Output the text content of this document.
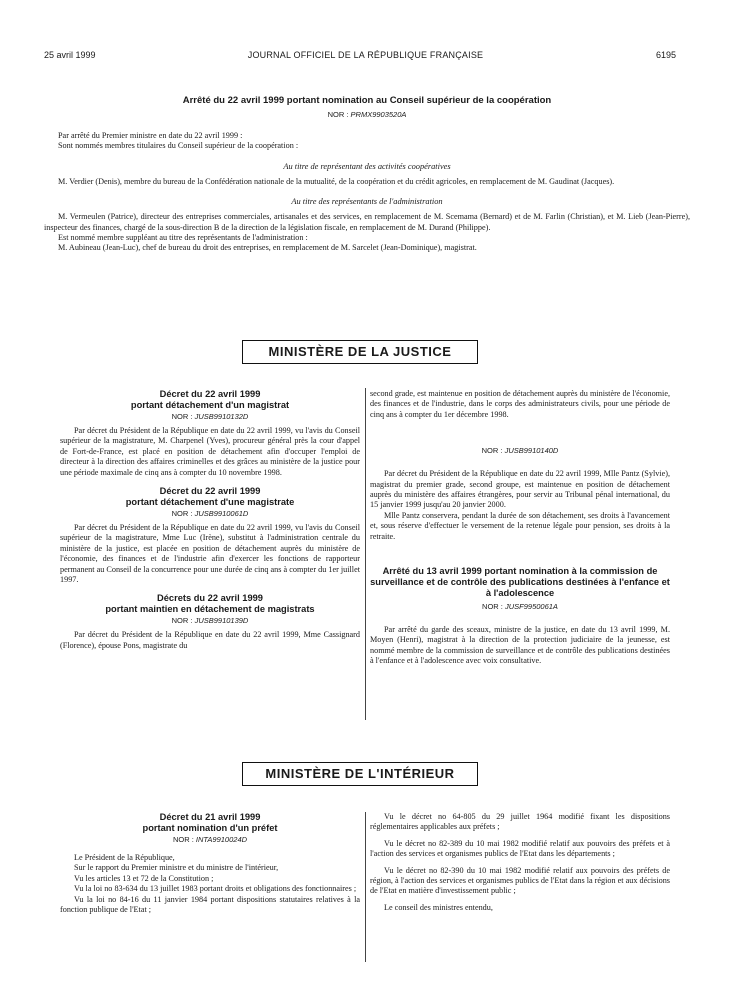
25 avril 1999	JOURNAL OFFICIEL DE LA RÉPUBLIQUE FRANÇAISE	6195
Arrêté du 22 avril 1999 portant nomination au Conseil supérieur de la coopération
NOR : PRMX9903520A

Par arrêté du Premier ministre en date du 22 avril 1999 :

Sont nommés membres titulaires du Conseil supérieur de la coopération :

Au titre de représentant des activités coopératives

M. Verdier (Denis), membre du bureau de la Confédération nationale de la mutualité, de la coopération et du crédit agricoles, en remplacement de M. Gaudinat (Jacques).

Au titre des représentants de l'administration

M. Vermeulen (Patrice), directeur des entreprises commerciales, artisanales et des services, en remplacement de M. Scemama (Bernard) et de M. Farlin (Christian), et M. Lieb (Jean-Pierre), inspecteur des finances, chargé de la sous-direction B de la direction de la législation fiscale, en remplacement de M. Durand (Philippe).

Est nommé membre suppléant au titre des représentants de l'administration :

M. Aubineau (Jean-Luc), chef de bureau du droit des entreprises, en remplacement de M. Sarcelet (Jean-Dominique), magistrat.

MINISTÈRE DE LA JUSTICE
Décret du 22 avril 1999
portant détachement d'un magistrat
NOR : JUSB9910132D

Par décret du Président de la République en date du 22 avril 1999, vu l'avis du Conseil supérieur de la magistrature, M. Charpenel (Yves), procureur général près la cour d'appel de Fort-de-France, est placé en position de détachement afin d'occuper l'emploi de directeur à la direction des affaires criminelles et des grâces au ministère de la justice pour une période maximale de cinq ans à compter du 10 novembre 1998.

Décret du 22 avril 1999
portant détachement d'une magistrate
NOR : JUSB9910061D

Par décret du Président de la République en date du 22 avril 1999, vu l'avis du Conseil supérieur de la magistrature, Mme Luc (Irène), substitut à l'administration centrale du ministère de la justice, est placée en position de détachement auprès du ministère de l'économie, des finances et de l'industrie afin d'exercer les fonctions de rapporteur permanent au Conseil de la concurrence pour une durée de cinq ans à compter du 1er juillet 1997.

Décrets du 22 avril 1999
portant maintien en détachement de magistrats
NOR : JUSB9910139D

Par décret du Président de la République en date du 22 avril 1999, Mme Cassignard (Florence), épouse Pons, magistrate du

second grade, est maintenue en position de détachement auprès du ministère de l'économie, des finances et de l'industrie, dans le corps des administrateurs civils, pour une période de cinq ans à compter du 1er décembre 1998.

NOR : JUSB9910140D

Par décret du Président de la République en date du 22 avril 1999, Mlle Pantz (Sylvie), magistrat du premier grade, second groupe, est maintenue en position de détachement auprès du ministère des affaires étrangères, pour servir au Tribunal pénal international, du 15 janvier 1999 jusqu'au 20 janvier 2000.

Mlle Pantz conservera, pendant la durée de son détachement, ses droits à l'avancement et, sous réserve d'effectuer le versement de la retenue légale pour pension, ses droits à la retraite.

Arrêté du 13 avril 1999 portant nomination à la commission de surveillance et de contrôle des publications destinées à l'enfance et à l'adolescence
NOR : JUSF9950061A

Par arrêté du garde des sceaux, ministre de la justice, en date du 13 avril 1999, M. Moyen (Henri), magistrat à la direction de la protection judiciaire de la jeunesse, est nommé membre de la commission de surveillance et de contrôle des publications destinées à l'enfance et à l'adolescence avec voix consultative.

MINISTÈRE DE L'INTÉRIEUR
Décret du 21 avril 1999
portant nomination d'un préfet
NOR : INTA9910024D

Le Président de la République,

Sur le rapport du Premier ministre et du ministre de l'intérieur,

Vu les articles 13 et 72 de la Constitution ;

Vu la loi no 83-634 du 13 juillet 1983 portant droits et obligations des fonctionnaires ;

Vu la loi no 84-16 du 11 janvier 1984 portant dispositions statutaires relatives à la fonction publique de l'Etat ;

Vu le décret no 64-805 du 29 juillet 1964 modifié fixant les dispositions réglementaires applicables aux préfets ;

Vu le décret no 82-389 du 10 mai 1982 modifié relatif aux pouvoirs des préfets et à l'action des services et organismes publics de l'Etat dans les départements ;

Vu le décret no 82-390 du 10 mai 1982 modifié relatif aux pouvoirs des préfets de région, à l'action des services et organismes publics de l'Etat dans la région et aux décisions de l'Etat en matière d'investissement public ;

Le conseil des ministres entendu,
